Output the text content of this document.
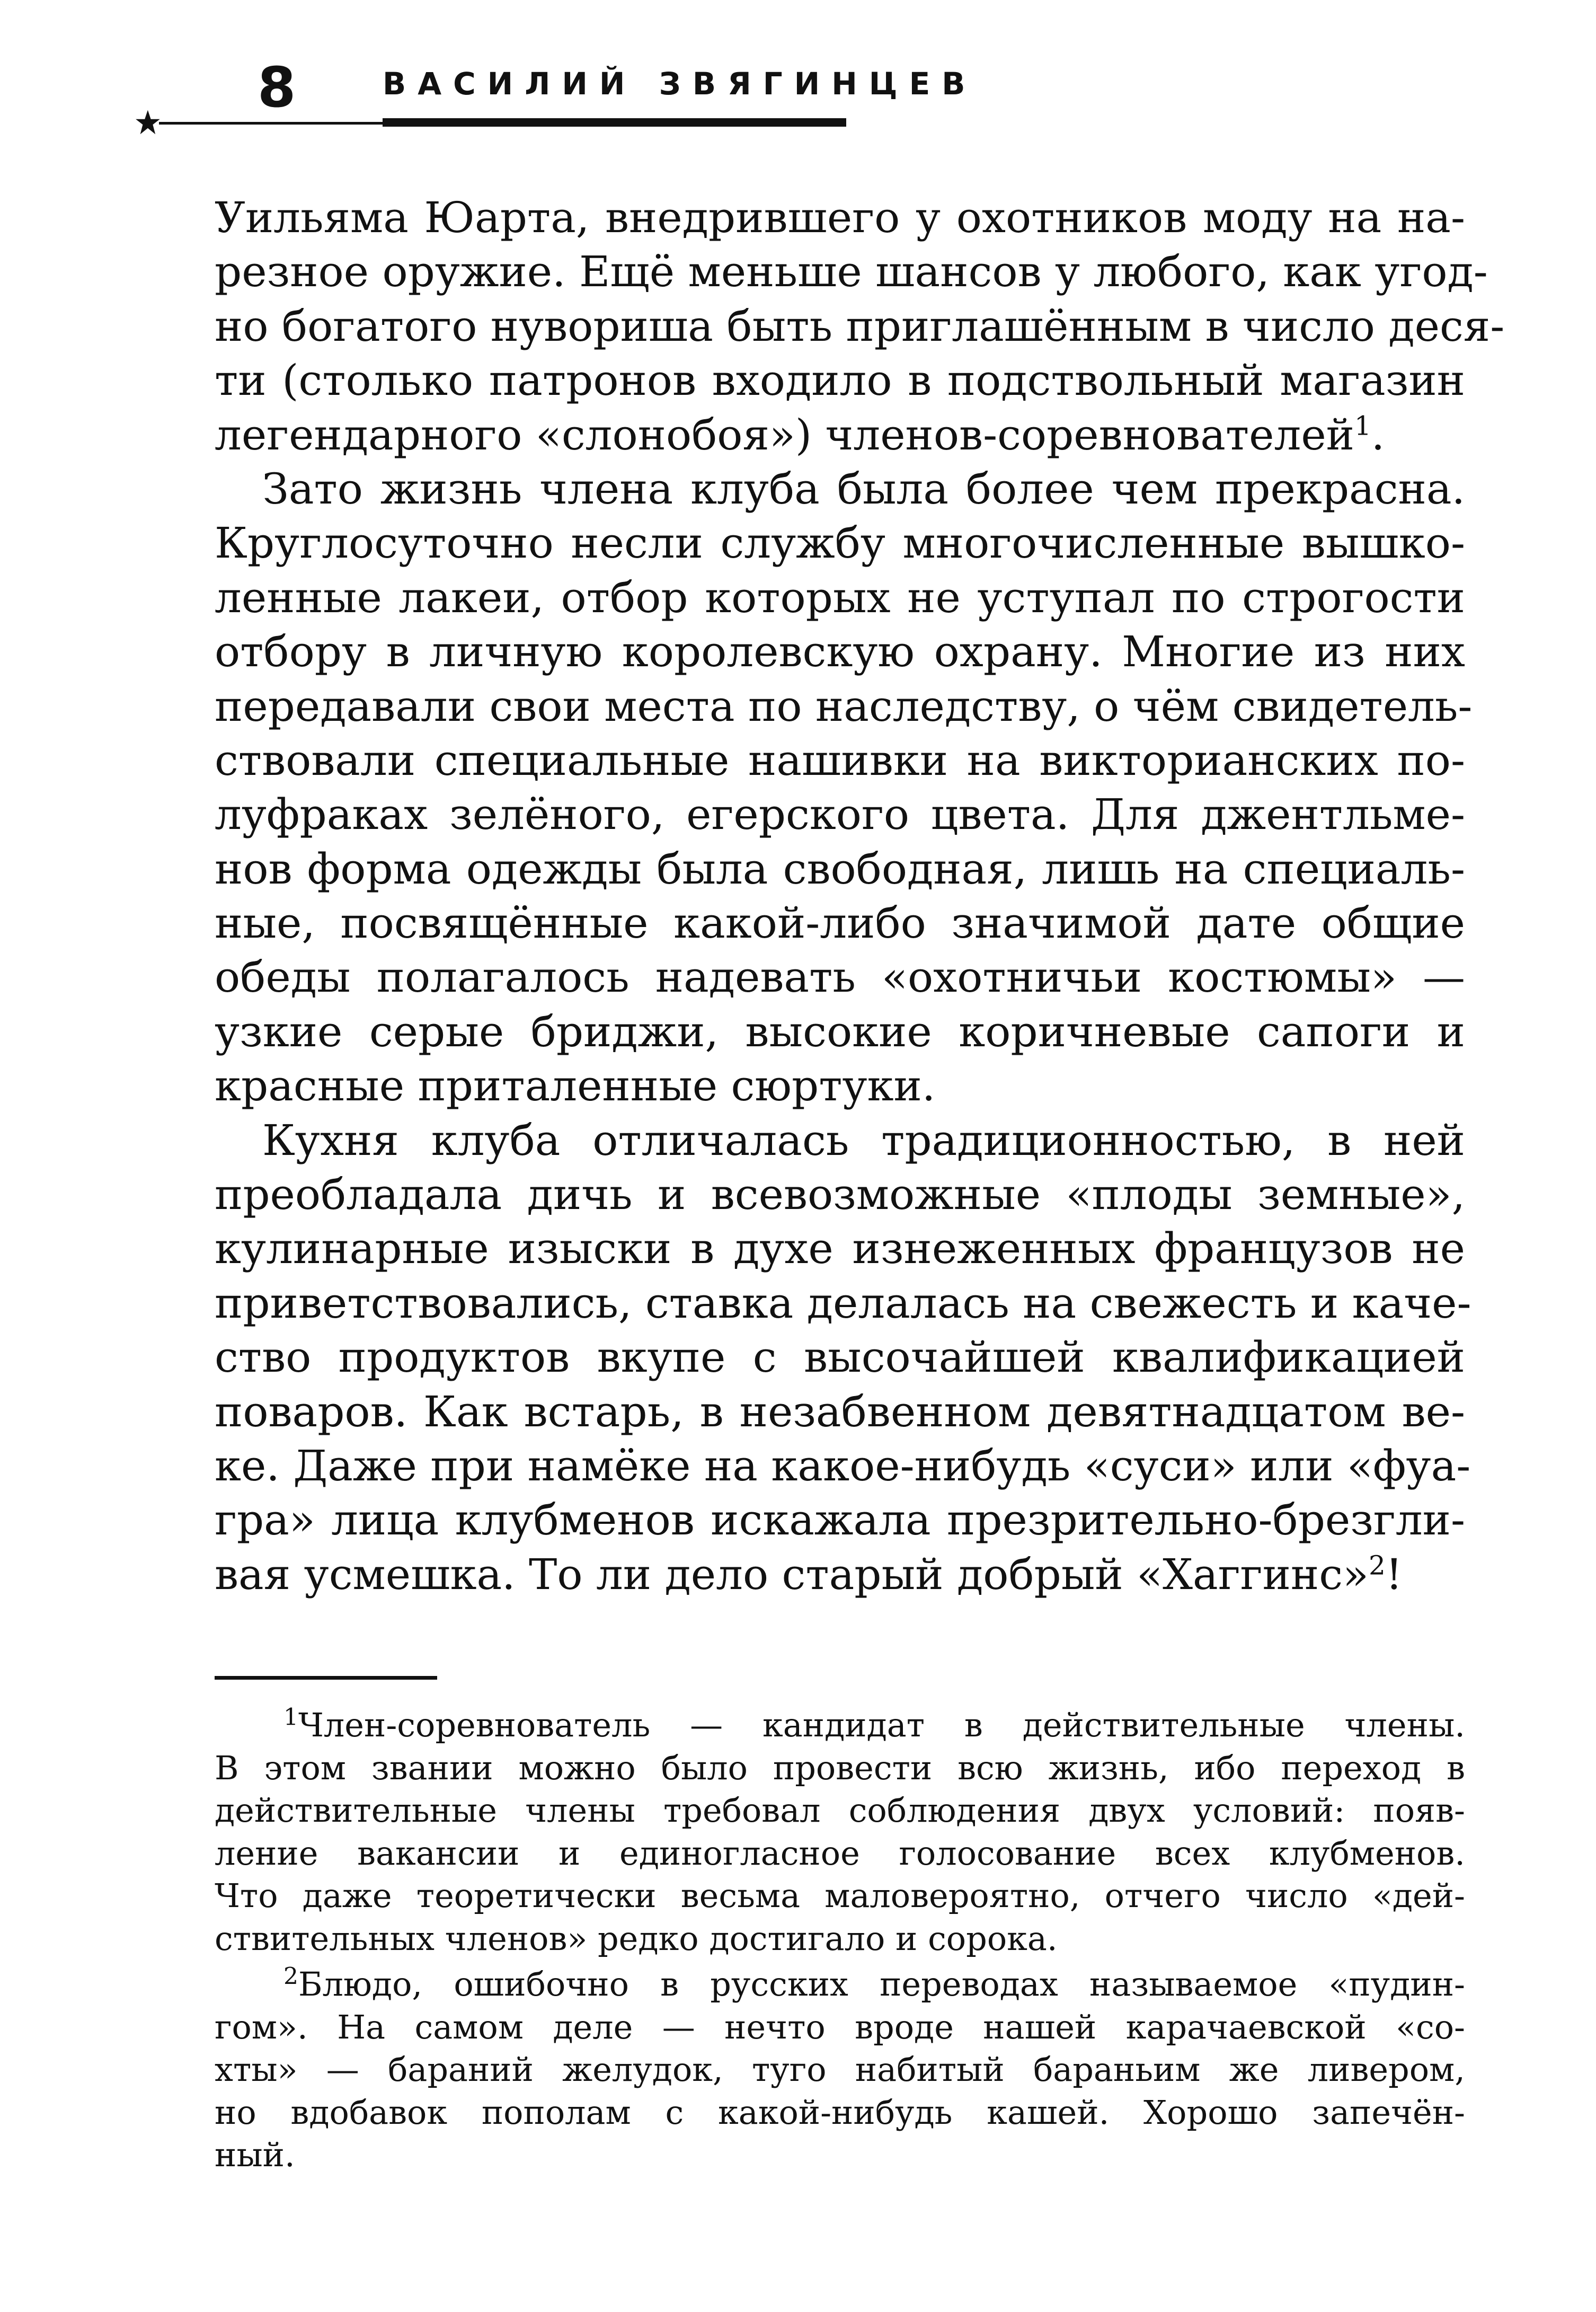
8	ВАСИЛИЙ ЗВЯГИНЦЕВ
Уильяма Юарта, внедрившего у охотников моду на на-
резное оружие. Ещё меньше шансов у любого, как угод-
но богатого нувориша быть приглашённым в число деся-
ти (столько патронов входило в подствольный магазин
легендарного «слонобоя») членов-соревнователей$^1$.
Зато жизнь члена клуба была более чем прекрасна.
Круглосуточно несли службу многочисленные вышко-
ленные лакеи, отбор которых не уступал по строгости
отбору в личную королевскую охрану. Многие из них
передавали свои места по наследству, о чём свидетель-
ствовали специальные нашивки на викторианских по-
луфраках зелёного, егерского цвета. Для джентльме-
нов форма одежды была свободная, лишь на специаль-
ные, посвящённые какой-либо значимой дате общие
обеды полагалось надевать «охотничьи костюмы» —
узкие серые бриджи, высокие коричневые сапоги и
красные приталенные сюртуки.
Кухня клуба отличалась традиционностью, в ней
преобладала дичь и всевозможные «плоды земные»,
кулинарные изыски в духе изнеженных французов не
приветствовались, ставка делалась на свежесть и каче-
ство продуктов вкупе с высочайшей квалификацией
поваров. Как встарь, в незабвенном девятнадцатом ве-
ке. Даже при намёке на какое-нибудь «суси» или «фуа-
гра» лица клубменов искажала презрительно-брезгли-
вая усмешка. То ли дело старый добрый «Хаггинс»$^2$!
$^1$Член-соревнователь — кандидат в действительные члены.
В этом звании можно было провести всю жизнь, ибо переход в
действительные члены требовал соблюдения двух условий: появ-
ление вакансии и единогласное голосование всех клубменов.
Что даже теоретически весьма маловероятно, отчего число «дей-
ствительных членов» редко достигало и сорока.
$^2$Блюдо, ошибочно в русских переводах называемое «пудин-
гом». На самом деле — нечто вроде нашей карачаевской «со-
хты» — бараний желудок, туго набитый бараньим же ливером,
но вдобавок пополам с какой-нибудь кашей. Хорошо запечён-
ный.
